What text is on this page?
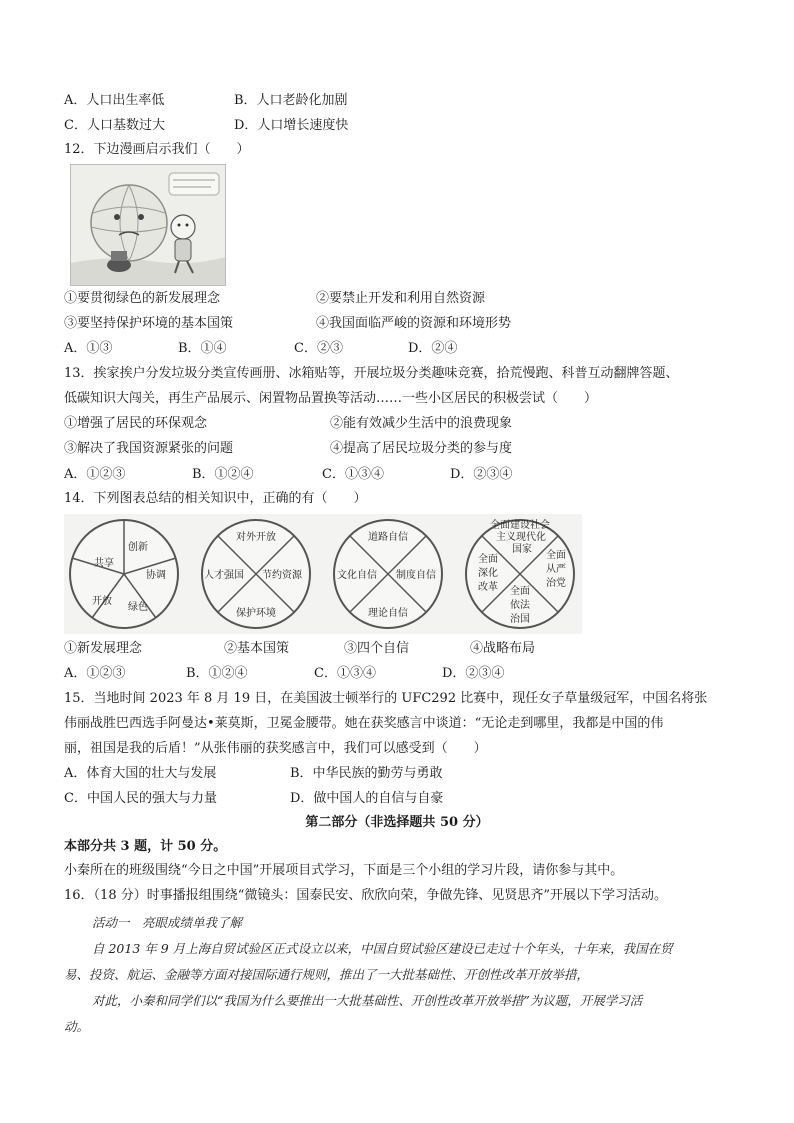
A．人口出生率低	B．人口老龄化加剧
C．人口基数过大	D．人口增长速度快
12．下边漫画启示我们（　　）
①要贯彻绿色的新发展理念	②要禁止开发和利用自然资源
③要坚持保护环境的基本国策	④我国面临严峻的资源和环境形势
A．①③	B．①④	C．②③	D．②④
13．挨家挨户分发垃圾分类宣传画册、冰箱贴等，开展垃圾分类趣味竞赛，拾荒慢跑、科普互动翻牌答题、
低碳知识大闯关，再生产品展示、闲置物品置换等活动……一些小区居民的积极尝试（　　）
①增强了居民的环保观念	②能有效减少生活中的浪费现象
③解决了我国资源紧张的问题	④提高了居民垃圾分类的参与度
A．①②③	B．①②④	C．①③④	D．②③④
14．下列图表总结的相关知识中，正确的有（　　）
共享
创新
协调
开放
绿色
对外开放
人才强国 节约资源
保护环境
道路自信
文化自信 制度自信
理论自信
全面建设社会
主义现代化
国家
全面
深化
改革
全面
从严
治党
全面
依法
治国
①新发展理念	②基本国策	③四个自信	④战略布局
A．①②③	B．①②④	C．①③④	D．②③④
15．当地时间 2023 年 8 月 19 日，在美国波士顿举行的 UFC292 比赛中，现任女子草量级冠军，中国名将张
伟丽战胜巴西选手阿曼达•莱莫斯，卫冕金腰带。她在获奖感言中谈道：“无论走到哪里，我都是中国的伟
丽，祖国是我的后盾！”从张伟丽的获奖感言中，我们可以感受到（　　）
A．体育大国的壮大与发展	B．中华民族的勤劳与勇敢
C．中国人民的强大与力量	D．做中国人的自信与自豪
第二部分（非选择题共 50 分）
本部分共 3 题，计 50 分。
小秦所在的班级围绕“今日之中国”开展项目式学习，下面是三个小组的学习片段，请你参与其中。
16．（18 分）时事播报组围绕“微镜头：国泰民安、欣欣向荣，争做先锋、见贤思齐”开展以下学习活动。
活动一　亮眼成绩单我了解
自 2013 年 9 月上海自贸试验区正式设立以来，中国自贸试验区建设已走过十个年头，十年来，我国在贸
易、投资、航运、金融等方面对接国际通行规则，推出了一大批基础性、开创性改革开放举措，
对此，小秦和同学们以“我国为什么要推出一大批基础性、开创性改革开放举措”为议题，开展学习活
动。
